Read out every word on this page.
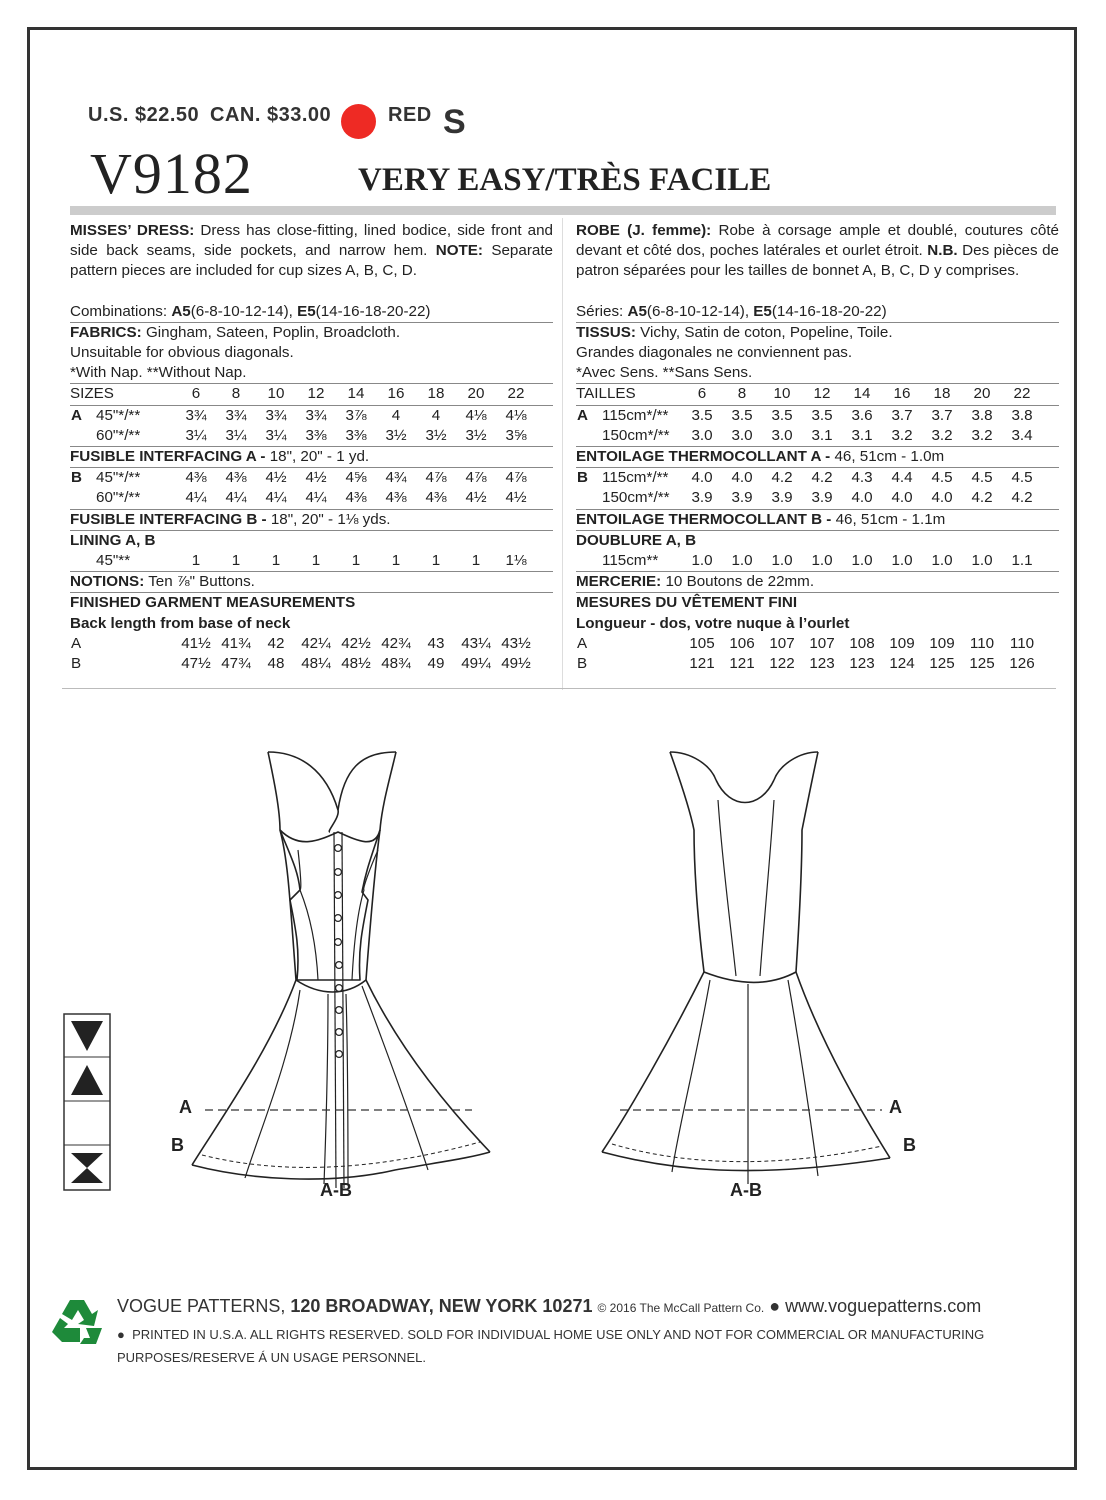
U.S. $22.50 CAN. $33.00	RED S
V9182	VERY EASY/TRÈS FACILE

MISSES’ DRESS: Dress has close-fitting, lined bodice, side front and side back seams, side pockets, and narrow hem. NOTE: Separate pattern pieces are included for cup sizes A, B, C, D.

Combinations: A5(6-8-10-12-14), E5(14-16-18-20-22)

FABRICS: Gingham, Sateen, Poplin, Broadcloth.

Unsuitable for obvious diagonals.

*With Nap. **Without Nap.

SIZES	6	8	10	12	14	16	18	20	22
A 45"*/**	3¾ 3¾ 3¾ 3¾ 3⅞	4	4	4⅛ 4⅛
60"*/**	3¼ 3¼ 3¼ 3⅜ 3⅜ 3½ 3½ 3½ 3⅝

FUSIBLE INTERFACING A - 18", 20" - 1 yd.

B 45"*/**	4⅜ 4⅜ 4½ 4½ 4⅝ 4¾ 4⅞ 4⅞ 4⅞
60"*/**	4¼ 4¼ 4¼ 4¼ 4⅜ 4⅜ 4⅜ 4½ 4½

FUSIBLE INTERFACING B - 18", 20" - 1⅛ yds.

LINING A, B

45"**	1	1	1	1	1	1	1	1	1⅛

NOTIONS: Ten ⅞" Buttons.

FINISHED GARMENT MEASUREMENTS

Back length from base of neck

A	41½ 41¾	42	42¼ 42½ 42¾	43	43¼ 43½
B	47½ 47¾	48	48¼ 48½ 48¾	49	49¼ 49½

ROBE (J. femme): Robe à corsage ample et doublé, coutures côté devant et côté dos, poches latérales et ourlet étroit. N.B. Des pièces de patron séparées pour les tailles de bonnet A, B, C, D y comprises.

Séries: A5(6-8-10-12-14), E5(14-16-18-20-22)

TISSUS: Vichy, Satin de coton, Popeline, Toile.

Grandes diagonales ne conviennent pas.

*Avec Sens. **Sans Sens.

TAILLES	6	8	10	12	14	16	18	20	22
A 115cm*/** 3.5 3.5 3.5 3.5 3.6 3.7 3.7 3.8 3.8
150cm*/** 3.0 3.0 3.0 3.1 3.1 3.2 3.2 3.2 3.4

ENTOILAGE THERMOCOLLANT A - 46, 51cm - 1.0m

B 115cm*/** 4.0 4.0 4.2 4.2 4.3 4.4 4.5 4.5 4.5
150cm*/** 3.9 3.9 3.9 3.9 4.0 4.0 4.0 4.2 4.2

ENTOILAGE THERMOCOLLANT B - 46, 51cm - 1.1m

DOUBLURE A, B

115cm** 1.0 1.0 1.0 1.0 1.0 1.0 1.0 1.0 1.1

MERCERIE: 10 Boutons de 22mm.

MESURES DU VÊTEMENT FINI

Longueur - dos, votre nuque à l’ourlet

A	105 106 107 107 108 109 109 110 110
B	121 121 122 123 123 124 125 125 126
A
B
A-B
A
B
A-B
VOGUE PATTERNS, 120 BROADWAY, NEW YORK 10271 © 2016 The McCall Pattern Co. ● www.voguepatterns.com
● PRINTED IN U.S.A. ALL RIGHTS RESERVED. SOLD FOR INDIVIDUAL HOME USE ONLY AND NOT FOR COMMERCIAL OR MANUFACTURING PURPOSES/RESERVE Á UN USAGE PERSONNEL.
